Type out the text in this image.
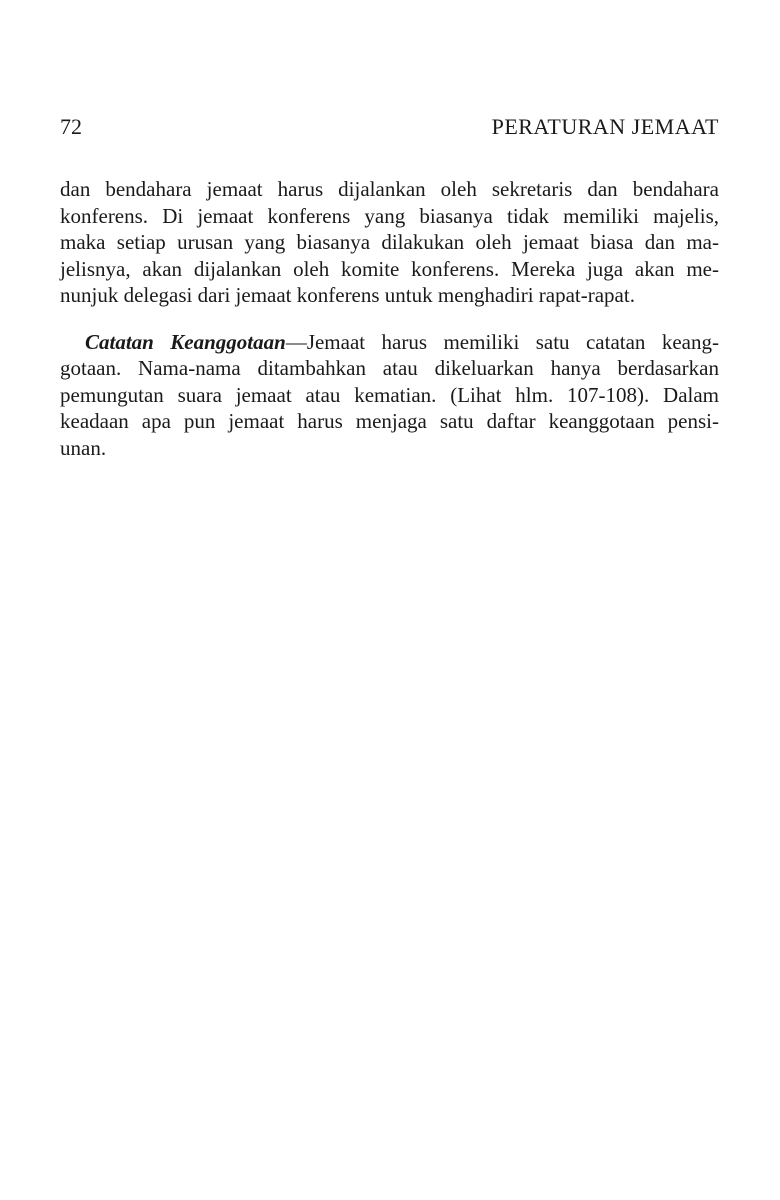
72	PERATURAN JEMAAT

dan bendahara jemaat harus dijalankan oleh sekretaris dan bendahara
konferens. Di jemaat konferens yang biasanya tidak memiliki majelis,
maka setiap urusan yang biasanya dilakukan oleh jemaat biasa dan ma-
jelisnya, akan dijalankan oleh komite konferens. Mereka juga akan me-
nunjuk delegasi dari jemaat konferens untuk menghadiri rapat-rapat.

Catatan Keanggotaan—Jemaat harus memiliki satu catatan keang-
gotaan. Nama-nama ditambahkan atau dikeluarkan hanya berdasarkan
pemungutan suara jemaat atau kematian. (Lihat hlm. 107-108). Dalam
keadaan apa pun jemaat harus menjaga satu daftar keanggotaan pensi-
unan.
